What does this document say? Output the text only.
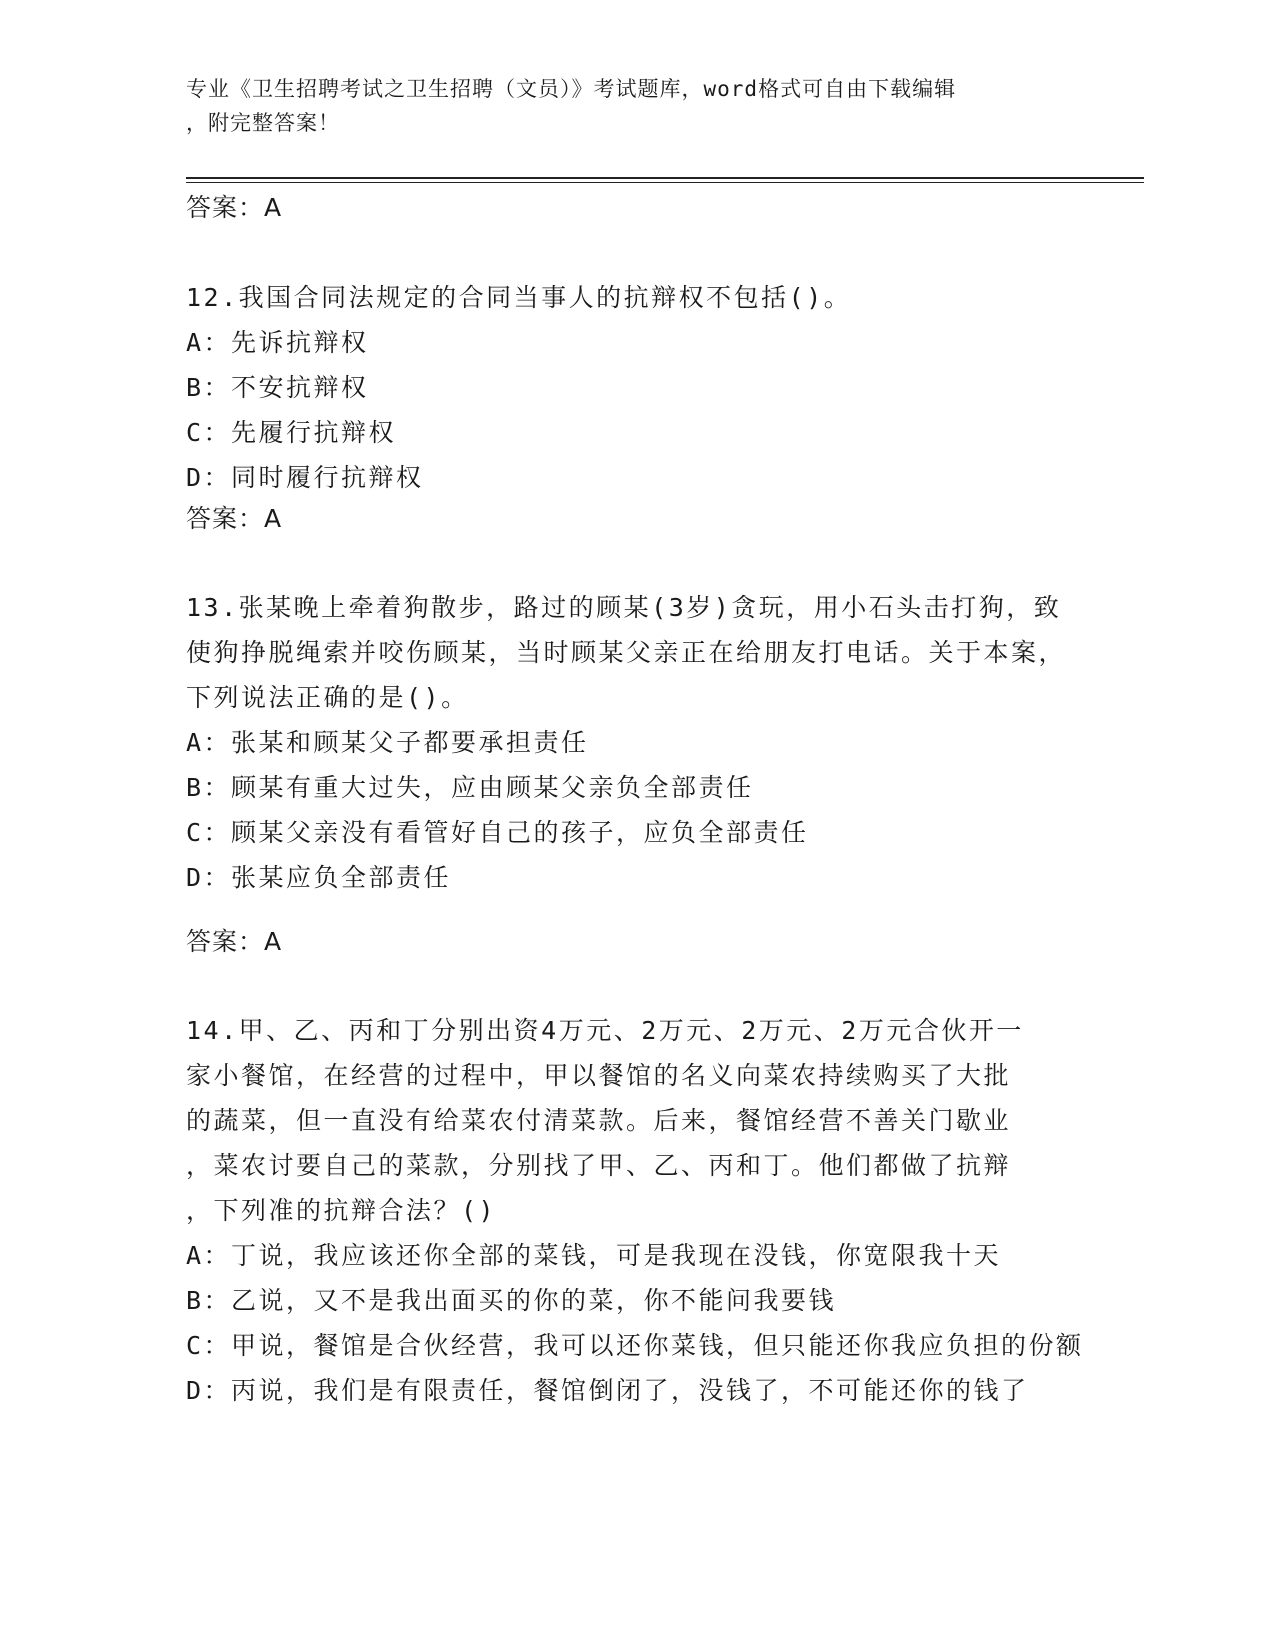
专业《卫生招聘考试之卫生招聘（文员）》考试题库，word格式可自由下载编辑
，附完整答案！
答案：A

12.我国合同法规定的合同当事人的抗辩权不包括()。

A：先诉抗辩权

B：不安抗辩权

C：先履行抗辩权

D：同时履行抗辩权

答案：A

13.张某晚上牵着狗散步，路过的顾某(3岁)贪玩，用小石头击打狗，致使狗挣脱绳索并咬伤顾某，当时顾某父亲正在给朋友打电话。关于本案，下列说法正确的是()。

A：张某和顾某父子都要承担责任

B：顾某有重大过失，应由顾某父亲负全部责任

C：顾某父亲没有看管好自己的孩子，应负全部责任

D：张某应负全部责任

答案：A

14.甲、乙、丙和丁分别出资4万元、2万元、2万元、2万元合伙开一

家小餐馆，在经营的过程中，甲以餐馆的名义向菜农持续购买了大批

的蔬菜，但一直没有给菜农付清菜款。后来，餐馆经营不善关门歇业

，菜农讨要自己的菜款，分别找了甲、乙、丙和丁。他们都做了抗辩

，下列准的抗辩合法？()

A：丁说，我应该还你全部的菜钱，可是我现在没钱，你宽限我十天

B：乙说，又不是我出面买的你的菜，你不能问我要钱

C：甲说，餐馆是合伙经营，我可以还你菜钱，但只能还你我应负担的份额

D：丙说，我们是有限责任，餐馆倒闭了，没钱了，不可能还你的钱了
